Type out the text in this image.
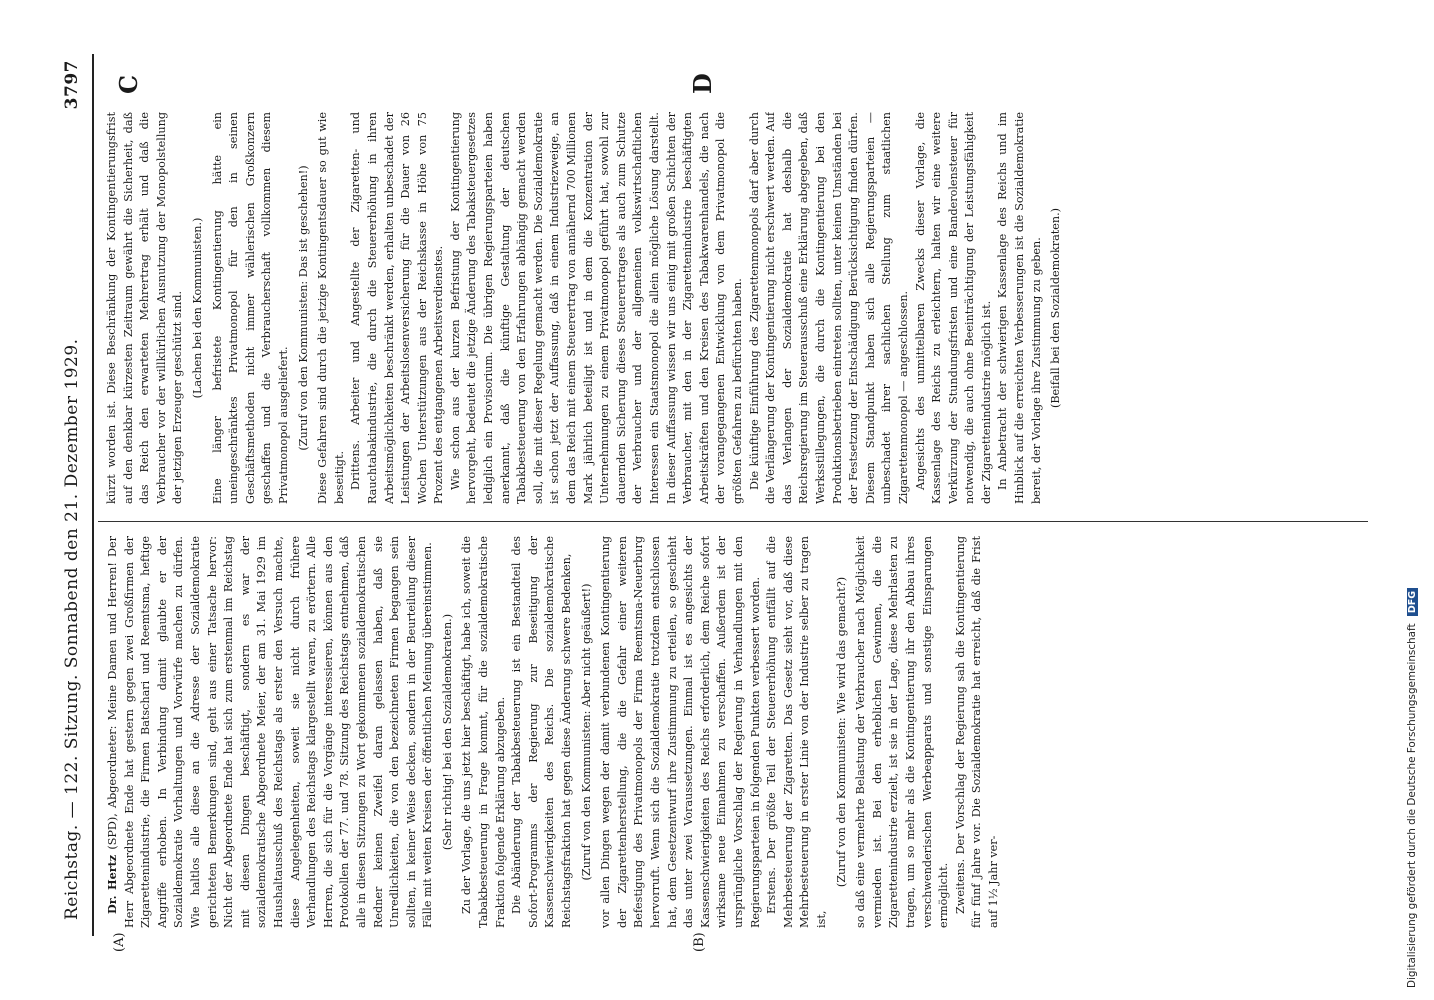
Reichstag. — 122. Sitzung. Sonnabend den 21. Dezember 1929.
3797
(A)	(B)
C	D

Dr. Hertz (SPD), Abgeordneter: Meine Damen und Herren! Der Herr Abgeordnete Ende hat gestern gegen zwei Großfirmen der Zigarettenindustrie, die Firmen Batschari und Reemtsma, heftige Angriffe erhoben. In Verbindung damit glaubte er der Sozialdemokratie Vorhaltungen und Vorwürfe machen zu dürfen. Wie haltlos alle diese an die Adresse der Sozialdemokratie gerichteten Bemerkungen sind, geht aus einer Tatsache hervor: Nicht der Abgeordnete Ende hat sich zum erstenmal im Reichstag mit diesen Dingen beschäftigt, sondern es war der sozialdemokratische Abgeordnete Meier, der am 31. Mai 1929 im Haushaltausschuß des Reichstags als erster den Versuch machte, diese Angelegenheiten, soweit sie nicht durch frühere Verhandlungen des Reichstags klargestellt waren, zu erörtern. Alle Herren, die sich für die Vorgänge interessieren, können aus den Protokollen der 77. und 78. Sitzung des Reichstags entnehmen, daß alle in diesen Sitzungen zu Wort gekommenen sozialdemokratischen Redner keinen Zweifel daran gelassen haben, daß sie Unredlichkeiten, die von den bezeichneten Firmen begangen sein sollten, in keiner Weise decken, sondern in der Beurteilung dieser Fälle mit weiten Kreisen der öffentlichen Meinung übereinstimmen. (Sehr richtig! bei den Sozialdemokraten.) Zu der Vorlage, die uns jetzt hier beschäftigt, habe ich, soweit die Tabakbesteuerung in Frage kommt, für die sozialdemokratische Fraktion folgende Erklärung abzugeben. Die Abänderung der Tabakbesteuerung ist ein Bestandteil des Sofort-Programms der Regierung zur Beseitigung der Kassenschwierigkeiten des Reichs. Die sozialdemokratische Reichstagsfraktion hat gegen diese Änderung schwere Bedenken, (Zuruf von den Kommunisten: Aber nicht geäußert!) vor allen Dingen wegen der damit verbundenen Kontingentierung der Zigarettenherstellung, die die Gefahr einer weiteren Befestigung des Privatmonopols der Firma Reemtsma-Neuerburg hervorruft. Wenn sich die Sozialdemokratie trotzdem entschlossen hat, dem Gesetzentwurf ihre Zustimmung zu erteilen, so geschieht das unter zwei Voraussetzungen. Einmal ist es angesichts der Kassenschwierigkeiten des Reichs erforderlich, dem Reiche sofort wirksame neue Einnahmen zu verschaffen. Außerdem ist der ursprüngliche Vorschlag der Regierung in Verhandlungen mit den Regierungsparteien in folgenden Punkten verbessert worden. Erstens. Der größte Teil der Steuererhöhung entfällt auf die Mehrbesteuerung der Zigaretten. Das Gesetz sieht vor, daß diese Mehrbesteuerung in erster Linie von der Industrie selber zu tragen ist,

(Zuruf von den Kommunisten: Wie wird das gemacht?) so daß eine vermehrte Belastung der Verbraucher nach Möglichkeit vermieden ist. Bei den erheblichen Gewinnen, die die Zigarettenindustrie erzielt, ist sie in der Lage, diese Mehrlasten zu tragen, um so mehr als die Kontingentierung ihr den Abbau ihres verschwenderischen Werbeapparats und sonstige Einsparungen ermöglicht. Zweitens. Der Vorschlag der Regierung sah die Kontingentierung für fünf Jahre vor. Die Sozialdemokratie hat erreicht, daß die Frist auf 1½ Jahr ver-

kürzt worden ist. Diese Beschränkung der Kontingentierungsfrist auf den denkbar kürzesten Zeitraum gewährt die Sicherheit, daß das Reich den erwarteten Mehrertrag erhält und daß die Verbraucher vor der willkürlichen Ausnutzung der Monopolstellung der jetzigen Erzeuger geschützt sind. (Lachen bei den Kommunisten.) Eine länger befristete Kontingentierung hätte ein uneingeschränktes Privatmonopol für den in seinen Geschäftsmethoden nicht immer wählerischen Großkonzern geschaffen und die Verbraucherschaft vollkommen diesem Privatmonopol ausgeliefert. (Zuruf von den Kommunisten: Das ist geschehen!) Diese Gefahren sind durch die jetzige Kontingentsdauer so gut wie beseitigt. Drittens. Arbeiter und Angestellte der Zigaretten- und Rauchtabakindustrie, die durch die Steuererhöhung in ihren Arbeitsmöglichkeiten beschränkt werden, erhalten unbeschadet der Leistungen der Arbeitslosenversicherung für die Dauer von 26 Wochen Unterstützungen aus der Reichskasse in Höhe von 75 Prozent des entgangenen Arbeitsverdienstes. Wie schon aus der kurzen Befristung der Kontingentierung hervorgeht, bedeutet die jetzige Änderung des Tabaksteuergesetzes lediglich ein Provisorium. Die übrigen Regierungsparteien haben anerkannt, daß die künftige Gestaltung der deutschen Tabakbesteuerung von den Erfahrungen abhängig gemacht werden soll, die mit dieser Regelung gemacht werden. Die Sozialdemokratie ist schon jetzt der Auffassung, daß in einem Industriezweige, an dem das Reich mit einem Steuerertrag von annähernd 700 Millionen Mark jährlich beteiligt ist und in dem die Konzentration der Unternehmungen zu einem Privatmonopol geführt hat, sowohl zur dauernden Sicherung dieses Steuerertrages als auch zum Schutze der Verbraucher und der allgemeinen volkswirtschaftlichen Interessen ein Staatsmonopol die allein mögliche Lösung darstellt. In dieser Auffassung wissen wir uns einig mit großen Schichten der Verbraucher, mit den in der Zigarettenindustrie beschäftigten Arbeitskräften und den Kreisen des Tabakwarenhandels, die nach der vorangegangenen Entwicklung von dem Privatmonopol die größten Gefahren zu befürchten haben. Die künftige Einführung des Zigarettenmonopols darf aber durch die Verlängerung der Kontingentierung nicht erschwert werden. Auf das Verlangen der Sozialdemokratie hat deshalb die Reichsregierung im Steuerausschuß eine Erklärung abgegeben, daß Werksstillegungen, die durch die Kontingentierung bei den Produktionsbetrieben eintreten sollten, unter keinen Umständen bei der Festsetzung der Entschädigung Berücksichtigung finden dürfen. Diesem Standpunkt haben sich alle Regierungsparteien — unbeschadet ihrer sachlichen Stellung zum staatlichen Zigarettenmonopol — angeschlossen. Angesichts des unmittelbaren Zwecks dieser Vorlage, die Kassenlage des Reichs zu erleichtern, halten wir eine weitere Verkürzung der Stundungsfristen und eine Banderolensteuer für notwendig, die auch ohne Beeinträchtigung der Leistungsfähigkeit der Zigarettenindustrie möglich ist. In Anbetracht der schwierigen Kassenlage des Reichs und im Hinblick auf die erreichten Verbesserungen ist die Sozialdemokratie bereit, der Vorlage ihre Zustimmung zu geben. (Beifall bei den Sozialdemokraten.)

Digitalisierung gefördert durch die Deutsche Forschungsgemeinschaft DFG
